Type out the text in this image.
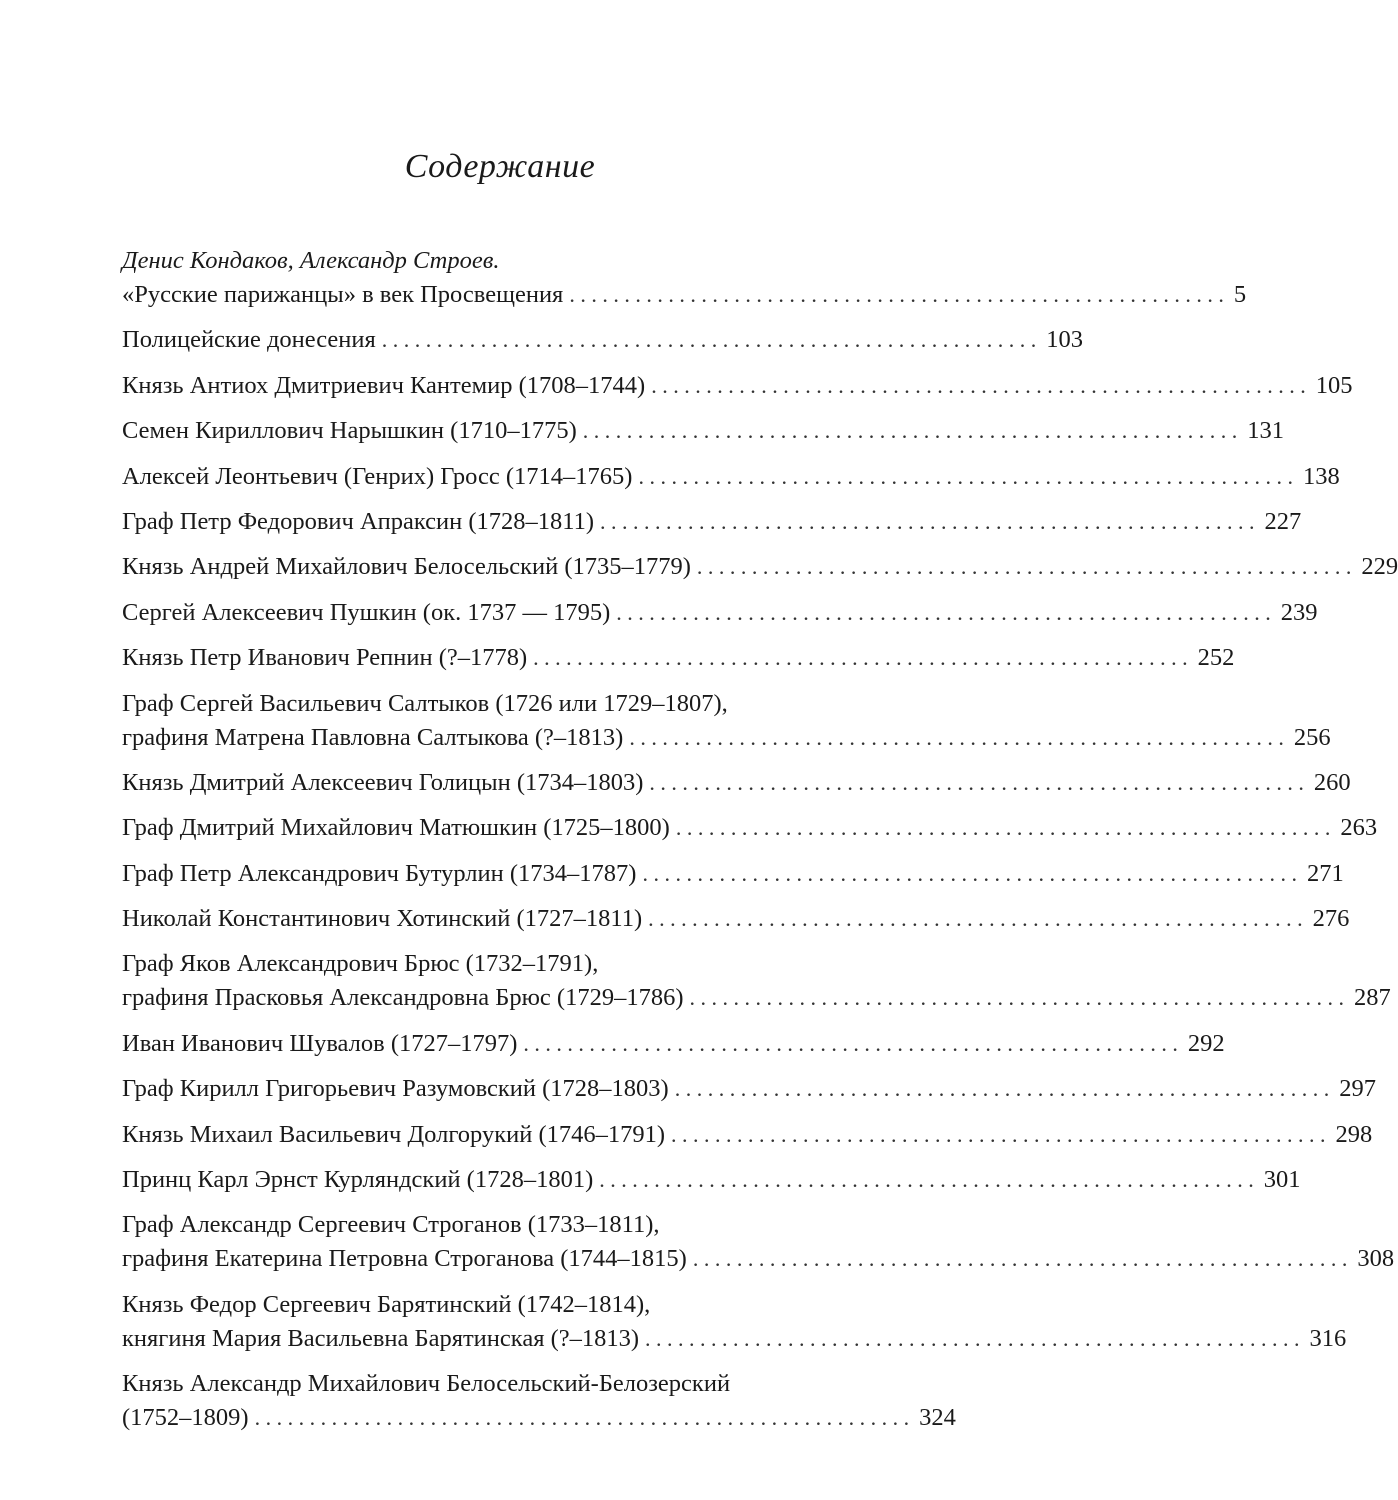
Содержание
Денис Кондаков, Александр Строев.
«Русские парижанцы» в век Просвещения . . . . . . . . . . . . . . . . . . . . . . . . . . . . . . . . . . . . . . . . . . . . . . . . . . . . . . . . . . . . 5
Полицейские донесения . . . . . . . . . . . . . . . . . . . . . . . . . . . . . . . . . . . . . . . . . . . . . . . . . . . . . . . . . . . . 103
Князь Антиох Дмитриевич Кантемир (1708–1744) . . . . . . . . . . . . . . . . . . . . . . . . . . . . . . . . . . . . . . . . . . . . . . . . . . . . . . . . . . . . 105
Семен Кириллович Нарышкин (1710–1775) . . . . . . . . . . . . . . . . . . . . . . . . . . . . . . . . . . . . . . . . . . . . . . . . . . . . . . . . . . . . 131
Алексей Леонтьевич (Генрих) Гросс (1714–1765) . . . . . . . . . . . . . . . . . . . . . . . . . . . . . . . . . . . . . . . . . . . . . . . . . . . . . . . . . . . . 138
Граф Петр Федорович Апраксин (1728–1811) . . . . . . . . . . . . . . . . . . . . . . . . . . . . . . . . . . . . . . . . . . . . . . . . . . . . . . . . . . . . 227
Князь Андрей Михайлович Белосельский (1735–1779) . . . . . . . . . . . . . . . . . . . . . . . . . . . . . . . . . . . . . . . . . . . . . . . . . . . . . . . . . . . . 229
Сергей Алексеевич Пушкин (ок. 1737 — 1795) . . . . . . . . . . . . . . . . . . . . . . . . . . . . . . . . . . . . . . . . . . . . . . . . . . . . . . . . . . . . 239
Князь Петр Иванович Репнин (?–1778) . . . . . . . . . . . . . . . . . . . . . . . . . . . . . . . . . . . . . . . . . . . . . . . . . . . . . . . . . . . . 252
Граф Сергей Васильевич Салтыков (1726 или 1729–1807),
графиня Матрена Павловна Салтыкова (?–1813) . . . . . . . . . . . . . . . . . . . . . . . . . . . . . . . . . . . . . . . . . . . . . . . . . . . . . . . . . . . . 256
Князь Дмитрий Алексеевич Голицын (1734–1803) . . . . . . . . . . . . . . . . . . . . . . . . . . . . . . . . . . . . . . . . . . . . . . . . . . . . . . . . . . . . 260
Граф Дмитрий Михайлович Матюшкин (1725–1800) . . . . . . . . . . . . . . . . . . . . . . . . . . . . . . . . . . . . . . . . . . . . . . . . . . . . . . . . . . . . 263
Граф Петр Александрович Бутурлин (1734–1787) . . . . . . . . . . . . . . . . . . . . . . . . . . . . . . . . . . . . . . . . . . . . . . . . . . . . . . . . . . . . 271
Николай Константинович Хотинский (1727–1811) . . . . . . . . . . . . . . . . . . . . . . . . . . . . . . . . . . . . . . . . . . . . . . . . . . . . . . . . . . . . 276
Граф Яков Александрович Брюс (1732–1791),
графиня Прасковья Александровна Брюс (1729–1786) . . . . . . . . . . . . . . . . . . . . . . . . . . . . . . . . . . . . . . . . . . . . . . . . . . . . . . . . . . . . 287
Иван Иванович Шувалов (1727–1797) . . . . . . . . . . . . . . . . . . . . . . . . . . . . . . . . . . . . . . . . . . . . . . . . . . . . . . . . . . . . 292
Граф Кирилл Григорьевич Разумовский (1728–1803) . . . . . . . . . . . . . . . . . . . . . . . . . . . . . . . . . . . . . . . . . . . . . . . . . . . . . . . . . . . . 297
Князь Михаил Васильевич Долгорукий (1746–1791) . . . . . . . . . . . . . . . . . . . . . . . . . . . . . . . . . . . . . . . . . . . . . . . . . . . . . . . . . . . . 298
Принц Карл Эрнст Курляндский (1728–1801) . . . . . . . . . . . . . . . . . . . . . . . . . . . . . . . . . . . . . . . . . . . . . . . . . . . . . . . . . . . . 301
Граф Александр Сергеевич Строганов (1733–1811),
графиня Екатерина Петровна Строганова (1744–1815) . . . . . . . . . . . . . . . . . . . . . . . . . . . . . . . . . . . . . . . . . . . . . . . . . . . . . . . . . . . . 308
Князь Федор Сергеевич Барятинский (1742–1814),
княгиня Мария Васильевна Барятинская (?–1813) . . . . . . . . . . . . . . . . . . . . . . . . . . . . . . . . . . . . . . . . . . . . . . . . . . . . . . . . . . . . 316
Князь Александр Михайлович Белосельский-Белозерский
(1752–1809) . . . . . . . . . . . . . . . . . . . . . . . . . . . . . . . . . . . . . . . . . . . . . . . . . . . . . . . . . . . . 324
